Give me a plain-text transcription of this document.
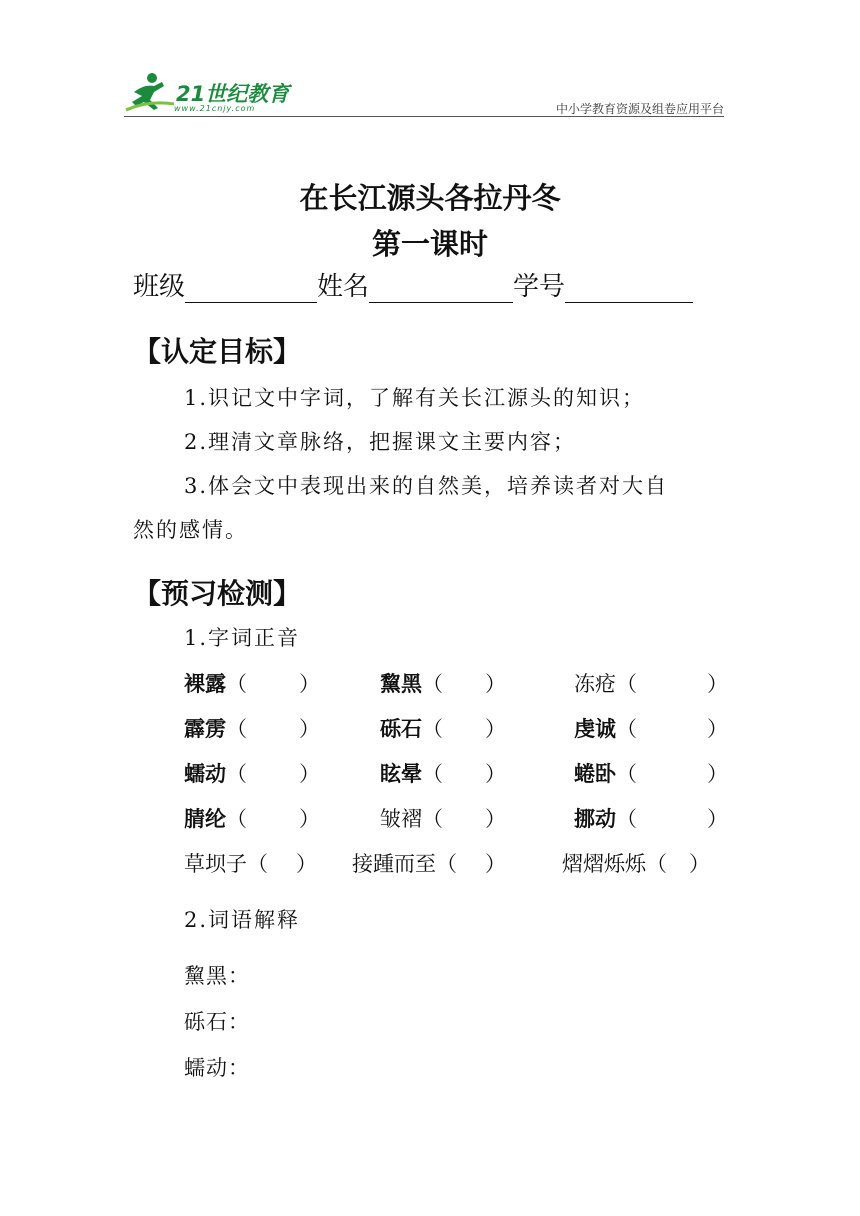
21世纪教育
www.21cnjy.com	中小学教育资源及组卷应用平台
在长江源头各拉丹冬
第一课时
班级	姓名	学号
【认定目标】
1.识记文中字词，了解有关长江源头的知识；
2.理清文章脉络，把握课文主要内容；
3.体会文中表现出来的自然美，培养读者对大自
然的感情。
【预习检测】
1.字词正音
裸露（ ）	黧黑（ ）	冻疮（	）
霹雳（ ）	砾石（ ）	虔诚（	）
蠕动（ ）	眩晕（ ）	蜷卧（	）
腈纶（ ）	皱褶（ ）	挪动（	）
草坝子（ ） 接踵而至（ ）	熠熠烁烁（ ）
2.词语解释
黧黑：
砾石：
蠕动：
